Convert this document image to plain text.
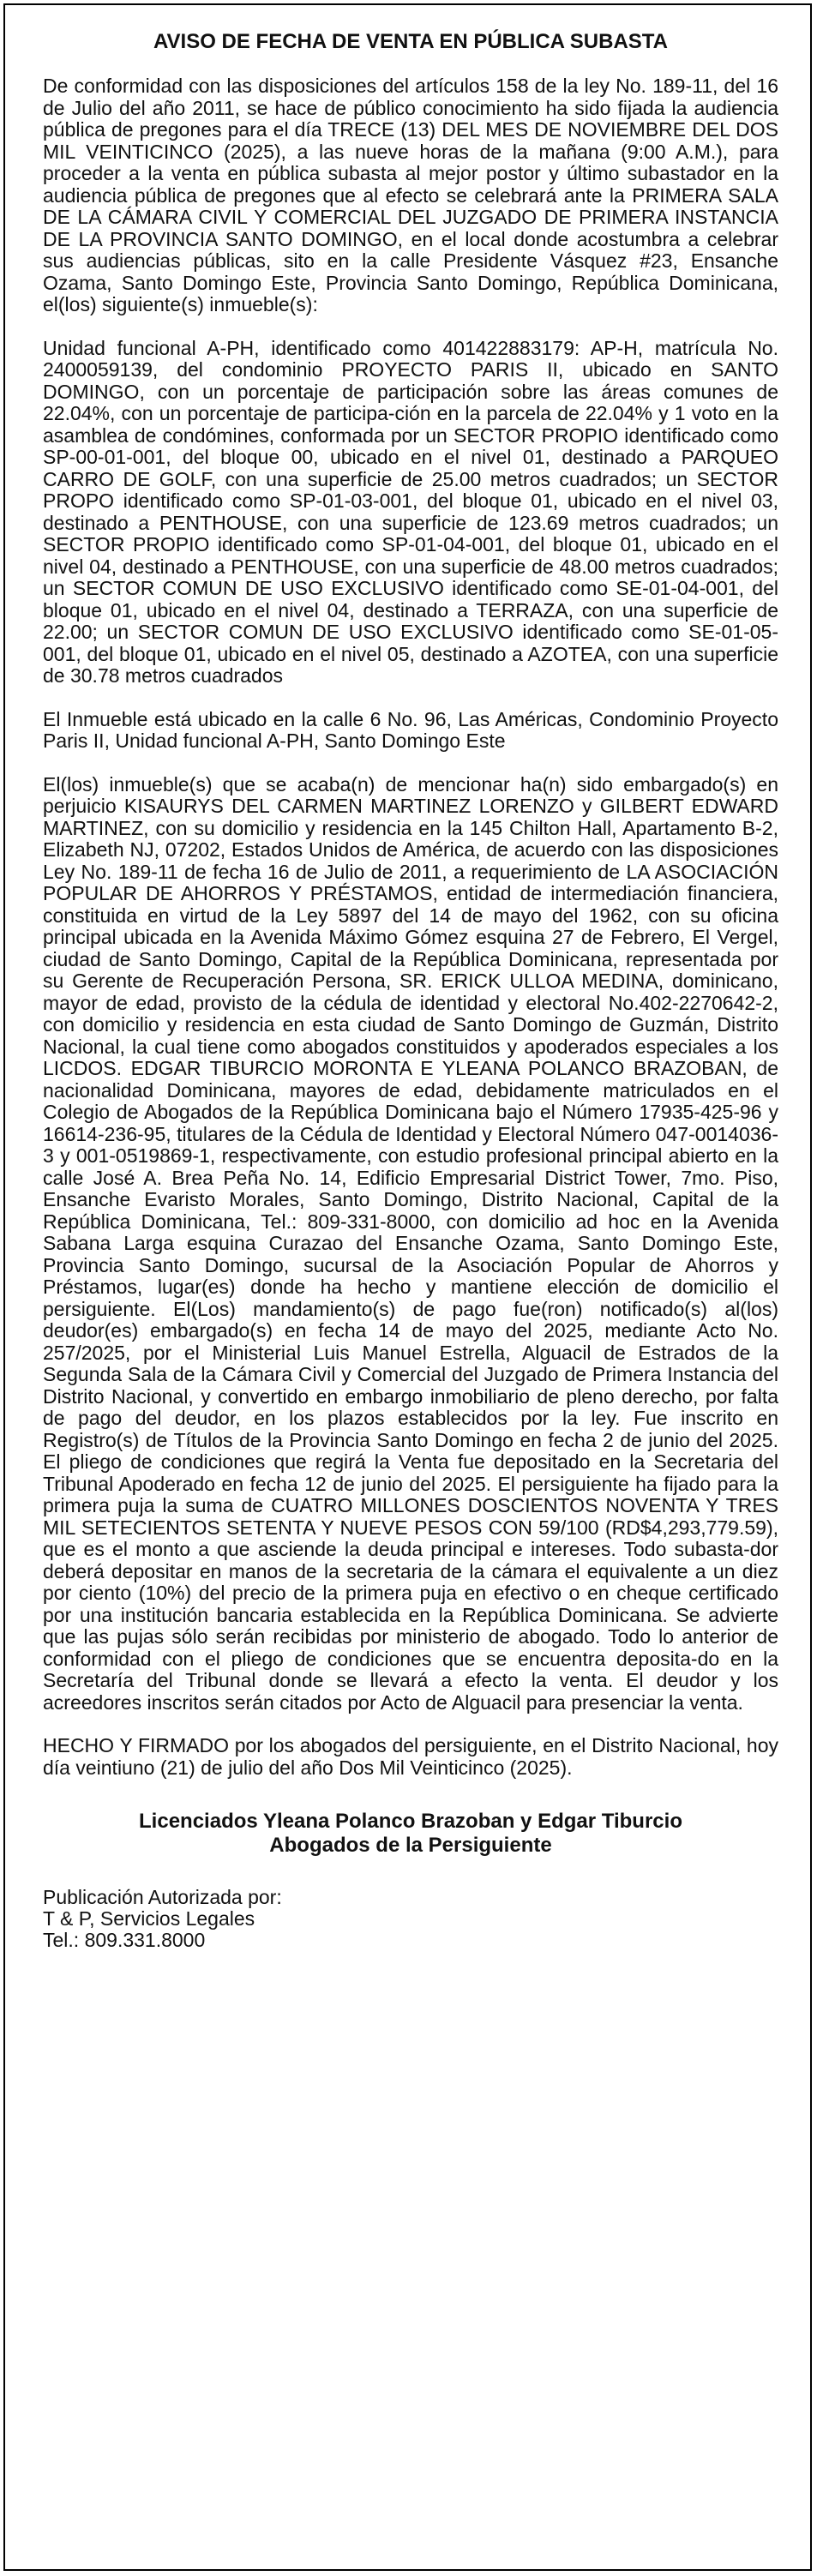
AVISO DE FECHA DE VENTA EN PÚBLICA SUBASTA

De conformidad con las disposiciones del artículos 158 de la ley No. 189-11, del 16 de Julio del año 2011, se hace de público conocimiento ha sido fijada la audiencia pública de pregones para el día TRECE (13) DEL MES DE NOVIEMBRE DEL DOS MIL VEINTICINCO (2025), a las nueve horas de la mañana (9:00 A.M.), para proceder a la venta en pública subasta al mejor postor y último subastador en la audiencia pública de pregones que al efecto se celebrará ante la PRIMERA SALA DE LA CÁMARA CIVIL Y COMERCIAL DEL JUZGADO DE PRIMERA INSTANCIA DE LA PROVINCIA SANTO DOMINGO, en el local donde acostumbra a celebrar sus audiencias públicas, sito en la calle Presidente Vásquez #23, Ensanche Ozama, Santo Domingo Este, Provincia Santo Domingo, República Dominicana, el(los) siguiente(s) inmueble(s):

Unidad funcional A-PH, identificado como 401422883179: AP-H, matrícula No. 2400059139, del condominio PROYECTO PARIS II, ubicado en SANTO DOMINGO, con un porcentaje de participación sobre las áreas comunes de 22.04%, con un porcentaje de participa-ción en la parcela de 22.04% y 1 voto en la asamblea de condómines, conformada por un SECTOR PROPIO identificado como SP-00-01-001, del bloque 00, ubicado en el nivel 01, destinado a PARQUEO CARRO DE GOLF, con una superficie de 25.00 metros cuadrados; un SECTOR PROPO identificado como SP-01-03-001, del bloque 01, ubicado en el nivel 03, destinado a PENTHOUSE, con una superficie de 123.69 metros cuadrados; un SECTOR PROPIO identificado como SP-01-04-001, del bloque 01, ubicado en el nivel 04, destinado a PENTHOUSE, con una superficie de 48.00 metros cuadrados; un SECTOR COMUN DE USO EXCLUSIVO identificado como SE-01-04-001, del bloque 01, ubicado en el nivel 04, destinado a TERRAZA, con una superficie de 22.00; un SECTOR COMUN DE USO EXCLUSIVO identificado como SE-01-05-001, del bloque 01, ubicado en el nivel 05, destinado a AZOTEA, con una superficie de 30.78 metros cuadrados

El Inmueble está ubicado en la calle 6 No. 96, Las Américas, Condominio Proyecto Paris II, Unidad funcional A-PH, Santo Domingo Este

El(los) inmueble(s) que se acaba(n) de mencionar ha(n) sido embargado(s) en perjuicio KISAURYS DEL CARMEN MARTINEZ LORENZO y GILBERT EDWARD MARTINEZ, con su domicilio y residencia en la 145 Chilton Hall, Apartamento B-2, Elizabeth NJ, 07202, Estados Unidos de América, de acuerdo con las disposiciones Ley No. 189-11 de fecha 16 de Julio de 2011, a requerimiento de LA ASOCIACIÓN POPULAR DE AHORROS Y PRÉSTAMOS, entidad de intermediación financiera, constituida en virtud de la Ley 5897 del 14 de mayo del 1962, con su oficina principal ubicada en la Avenida Máximo Gómez esquina 27 de Febrero, El Vergel, ciudad de Santo Domingo, Capital de la República Dominicana, representada por su Gerente de Recuperación Persona, SR. ERICK ULLOA MEDINA, dominicano, mayor de edad, provisto de la cédula de identidad y electoral No.402-2270642-2, con domicilio y residencia en esta ciudad de Santo Domingo de Guzmán, Distrito Nacional, la cual tiene como abogados constituidos y apoderados especiales a los LICDOS. EDGAR TIBURCIO MORONTA E YLEANA POLANCO BRAZOBAN, de nacionalidad Dominicana, mayores de edad, debidamente matriculados en el Colegio de Abogados de la República Dominicana bajo el Número 17935-425-96 y 16614-236-95, titulares de la Cédula de Identidad y Electoral Número 047-0014036-3 y 001-0519869-1, respectivamente, con estudio profesional principal abierto en la calle José A. Brea Peña No. 14, Edificio Empresarial District Tower, 7mo. Piso, Ensanche Evaristo Morales, Santo Domingo, Distrito Nacional, Capital de la República Dominicana, Tel.: 809-331-8000, con domicilio ad hoc en la Avenida Sabana Larga esquina Curazao del Ensanche Ozama, Santo Domingo Este, Provincia Santo Domingo, sucursal de la Asociación Popular de Ahorros y Préstamos, lugar(es) donde ha hecho y mantiene elección de domicilio el persiguiente. El(Los) mandamiento(s) de pago fue(ron) notificado(s) al(los) deudor(es) embargado(s) en fecha 14 de mayo del 2025, mediante Acto No. 257/2025, por el Ministerial Luis Manuel Estrella, Alguacil de Estrados de la Segunda Sala de la Cámara Civil y Comercial del Juzgado de Primera Instancia del Distrito Nacional, y convertido en embargo inmobiliario de pleno derecho, por falta de pago del deudor, en los plazos establecidos por la ley. Fue inscrito en Registro(s) de Títulos de la Provincia Santo Domingo en fecha 2 de junio del 2025. El pliego de condiciones que regirá la Venta fue depositado en la Secretaria del Tribunal Apoderado en fecha 12 de junio del 2025. El persiguiente ha fijado para la primera puja la suma de CUATRO MILLONES DOSCIENTOS NOVENTA Y TRES MIL SETECIENTOS SETENTA Y NUEVE PESOS CON 59/100 (RD$4,293,779.59), que es el monto a que asciende la deuda principal e intereses. Todo subasta-dor deberá depositar en manos de la secretaria de la cámara el equivalente a un diez por ciento (10%) del precio de la primera puja en efectivo o en cheque certificado por una institución bancaria establecida en la República Dominicana. Se advierte que las pujas sólo serán recibidas por ministerio de abogado. Todo lo anterior de conformidad con el pliego de condiciones que se encuentra deposita-do en la Secretaría del Tribunal donde se llevará a efecto la venta. El deudor y los acreedores inscritos serán citados por Acto de Alguacil para presenciar la venta.

HECHO Y FIRMADO por los abogados del persiguiente, en el Distrito Nacional, hoy día veintiuno (21) de julio del año Dos Mil Veinticinco (2025).

Licenciados Yleana Polanco Brazoban y Edgar Tiburcio
Abogados de la Persiguiente
Publicación Autorizada por:
T & P, Servicios Legales
Tel.: 809.331.8000
